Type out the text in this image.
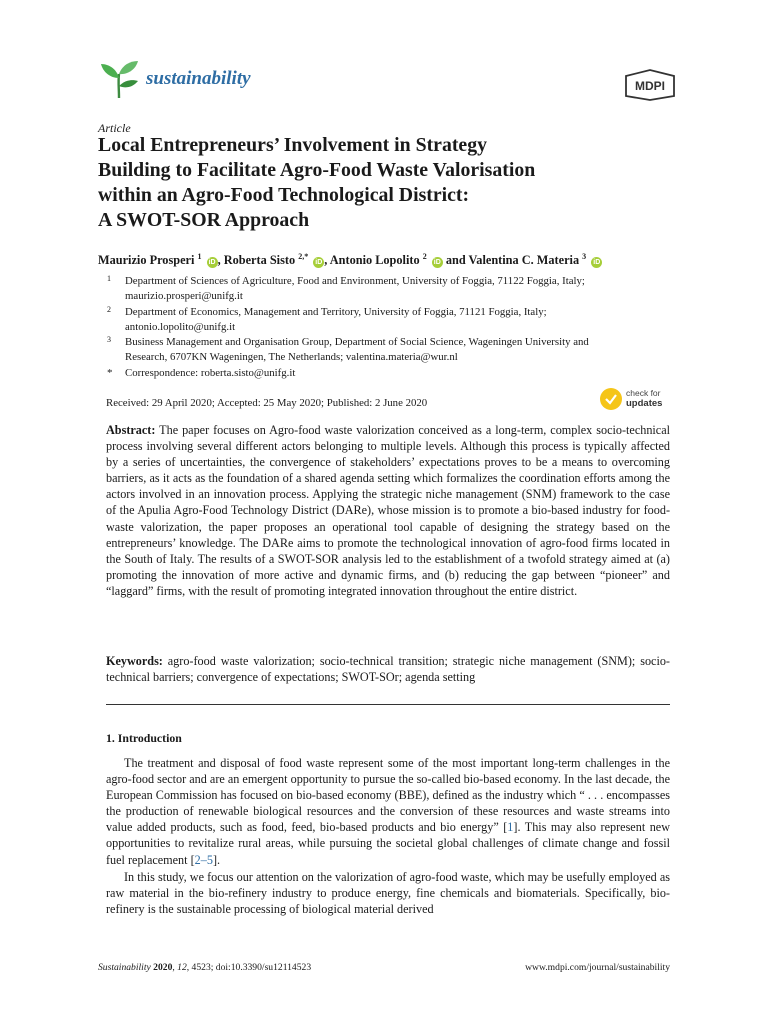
sustainability	MDPI
Article
Local Entrepreneurs’ Involvement in Strategy
Building to Facilitate Agro-Food Waste Valorisation
within an Agro-Food Technological District:
A SWOT-SOR Approach
Maurizio Prosperi $^1$ iD , Roberta Sisto $^{2,*}$ iD , Antonio Lopolito $^2$ iD and Valentina C. Materia $^3$ iD
1 Department of Sciences of Agriculture, Food and Environment, University of Foggia, 71122 Foggia, Italy;
maurizio.prosperi@unifg.it
2 Department of Economics, Management and Territory, University of Foggia, 71121 Foggia, Italy;
antonio.lopolito@unifg.it
3 Business Management and Organisation Group, Department of Social Science, Wageningen University and
Research, 6707KN Wageningen, The Netherlands; valentina.materia@wur.nl
* Correspondence: roberta.sisto@unifg.it
Received: 29 April 2020; Accepted: 25 May 2020; Published: 2 June 2020
check for
updates

Abstract: The paper focuses on Agro-food waste valorization conceived as a long-term, complex socio-technical process involving several different actors belonging to multiple levels. Although this process is typically affected by a series of uncertainties, the convergence of stakeholders’ expectations proves to be a means to overcoming barriers, as it acts as the foundation of a shared agenda setting which formalizes the coordination efforts among the actors involved in an innovation process. Applying the strategic niche management (SNM) framework to the case of the Apulia Agro-Food Technology District (DARe), whose mission is to promote a bio-based industry for food-waste valorization, the paper proposes an operational tool capable of designing the strategy based on the entrepreneurs’ knowledge. The DARe aims to promote the technological innovation of agro-food firms located in the South of Italy. The results of a SWOT-SOR analysis led to the establishment of a twofold strategy aimed at (a) promoting the innovation of more active and dynamic firms, and (b) reducing the gap between “pioneer” and “laggard” firms, with the result of promoting integrated innovation throughout the entire district.

Keywords: agro-food waste valorization; socio-technical transition; strategic niche management (SNM); socio-technical barriers; convergence of expectations; SWOT-SOr; agenda setting

1. Introduction

The treatment and disposal of food waste represent some of the most important long-term challenges in the agro-food sector and are an emergent opportunity to pursue the so-called bio-based economy. In the last decade, the European Commission has focused on bio-based economy (BBE), defined as the industry which “ . . . encompasses the production of renewable biological resources and the conversion of these resources and waste streams into value added products, such as food, feed, bio-based products and bio energy” [1]. This may also represent new opportunities to revitalize rural areas, while pursuing the societal global challenges of climate change and fossil fuel replacement [2–5].

In this study, we focus our attention on the valorization of agro-food waste, which may be usefully employed as raw material in the bio-refinery industry to produce energy, fine chemicals and biomaterials. Specifically, bio-refinery is the sustainable processing of biological material derived

Sustainability 2020, 12, 4523; doi:10.3390/su12114523	www.mdpi.com/journal/sustainability
